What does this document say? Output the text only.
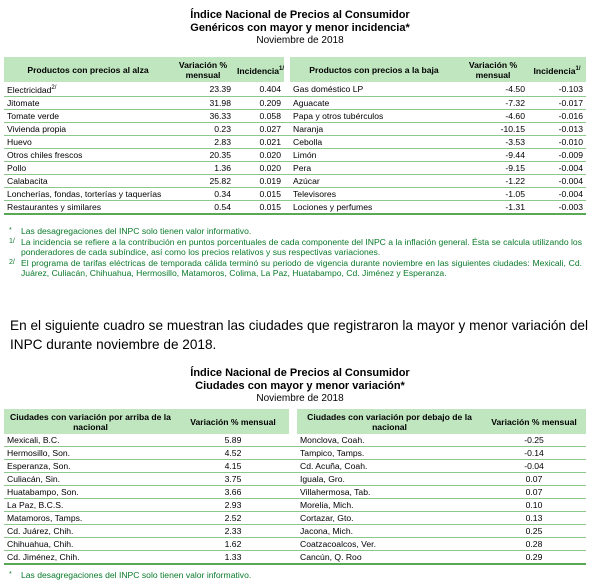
Índice Nacional de Precios al Consumidor
Genéricos con mayor y menor incidencia*
Noviembre de 2018
Productos con precios al alza	Variación % mensual	Incidencia$^{1/}$		Productos con precios a la baja	Variación % mensual	Incidencia$^{1/}$
Electricidad$^{2/}$	23.39	0.404		Gas doméstico LP	-4.50	-0.103
Jitomate	31.98	0.209		Aguacate	-7.32	-0.017
Tomate verde	36.33	0.058		Papa y otros tubérculos	-4.60	-0.016
Vivienda propia	0.23	0.027		Naranja	-10.15	-0.013
Huevo	2.83	0.021		Cebolla	-3.53	-0.010
Otros chiles frescos	20.35	0.020		Limón	-9.44	-0.009
Pollo	1.36	0.020		Pera	-9.15	-0.004
Calabacita	25.82	0.019		Azúcar	-1.22	-0.004
Loncherías, fondas, torterías y taquerías	0.34	0.015		Televisores	-1.05	-0.004
Restaurantes y similares	0.54	0.015		Lociones y perfumes	-1.31	-0.003
* Las desagregaciones del INPC solo tienen valor informativo.
1/ La incidencia se refiere a la contribución en puntos porcentuales de cada componente del INPC a la inflación general. Ésta se calcula utilizando los ponderadores de cada subíndice, así como los precios relativos y sus respectivas variaciones.
2/ El programa de tarifas eléctricas de temporada cálida terminó su periodo de vigencia durante noviembre en las siguientes ciudades: Mexicali, Cd. Juárez, Culiacán, Chihuahua, Hermosillo, Matamoros, Colima, La Paz, Huatabampo, Cd. Jiménez y Esperanza.
En el siguiente cuadro se muestran las ciudades que registraron la mayor y menor variación del INPC durante noviembre de 2018.
Índice Nacional de Precios al Consumidor
Ciudades con mayor y menor variación*
Noviembre de 2018
Ciudades con variación por arriba de la nacional	Variación % mensual		Ciudades con variación por debajo de la nacional	Variación % mensual
Mexicali, B.C.	5.89		Monclova, Coah.	-0.25
Hermosillo, Son.	4.52		Tampico, Tamps.	-0.14
Esperanza, Son.	4.15		Cd. Acuña, Coah.	-0.04
Culiacán, Sin.	3.75		Iguala, Gro.	0.07
Huatabampo, Son.	3.66		Villahermosa, Tab.	0.07
La Paz, B.C.S.	2.93		Morelia, Mich.	0.10
Matamoros, Tamps.	2.52		Cortazar, Gto.	0.13
Cd. Juárez, Chih.	2.33		Jacona, Mich.	0.25
Chihuahua, Chih.	1.62		Coatzacoalcos, Ver.	0.28
Cd. Jiménez, Chih.	1.33		Cancún, Q. Roo	0.29
* Las desagregaciones del INPC solo tienen valor informativo.
